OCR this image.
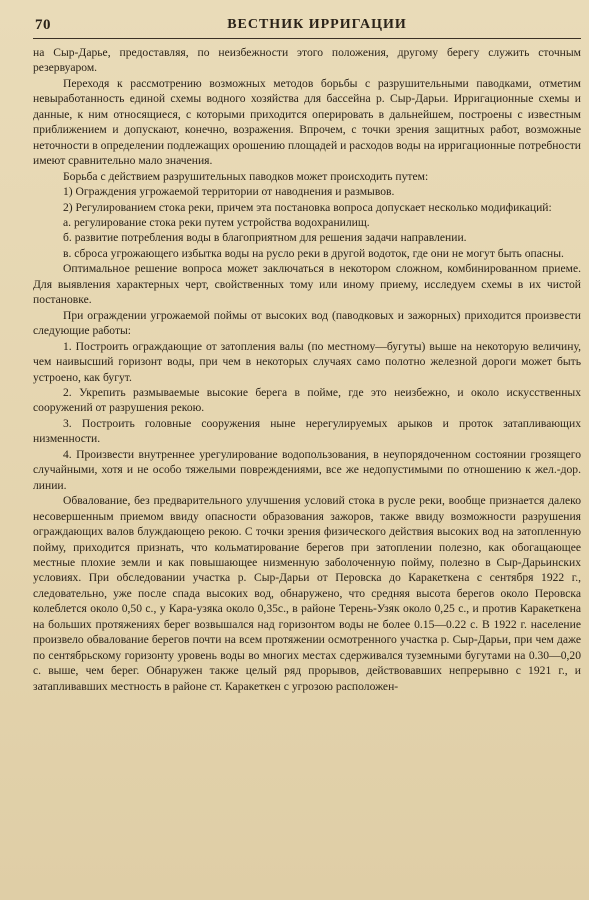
70	ВЕСТНИК ИРРИГАЦИИ

на Сыр-Дарье, предоставляя, по неизбежности этого положения, другому берегу служить сточным резервуаром.

Переходя к рассмотрению возможных методов борьбы с разрушительными паводками, отметим невыработанность единой схемы водного хозяйства для бассейна р. Сыр-Дарьи. Ирригационные схемы и данные, к ним относящиеся, с которыми приходится оперировать в дальнейшем, построены с известным приближением и допускают, конечно, возражения. Впрочем, с точки зрения защитных работ, возможные неточности в определении подлежащих орошению площадей и расходов воды на ирригационные потребности имеют сравнительно мало значения.

Борьба с действием разрушительных паводков может происходить путем:

1) Ограждения угрожаемой территории от наводнения и размывов.

2) Регулированием стока реки, причем эта постановка вопроса допускает несколько модификаций:

а. регулирование стока реки путем устройства водохранилищ.

б. развитие потребления воды в благоприятном для решения задачи направлении.

в. сброса угрожающего избытка воды на русло реки в другой водоток, где они не могут быть опасны.

Оптимальное решение вопроса может заключаться в некотором сложном, комбинированном приеме. Для выявления характерных черт, свойственных тому или иному приему, исследуем схемы в их чистой постановке.

При ограждении угрожаемой поймы от высоких вод (паводковых и зажорных) приходится произвести следующие работы:

1. Построить ограждающие от затопления валы (по местному—бугуты) выше на некоторую величину, чем наивысший горизонт воды, при чем в некоторых случаях само полотно железной дороги может быть устроено, как бугут.

2. Укрепить размываемые высокие берега в пойме, где это неизбежно, и около искусственных сооружений от разрушения рекою.

3. Построить головные сооружения ныне нерегулируемых арыков и проток затапливающих низменности.

4. Произвести внутреннее урегулирование водопользования, в неупорядоченном состоянии грозящего случайными, хотя и не особо тяжелыми повреждениями, все же недопустимыми по отношению к жел.-дор. линии.

Обвалование, без предварительного улучшения условий стока в русле реки, вообще признается далеко несовершенным приемом ввиду опасности образования зажоров, также ввиду возможности разрушения ограждающих валов блуждающею рекою. С точки зрения физического действия высоких вод на затопленную пойму, приходится признать, что кольматирование берегов при затоплении полезно, как обогащающее местные плохие земли и как повышающее низменную заболоченную пойму, полезно в Сыр-Дарьинских условиях. При обследовании участка р. Сыр-Дарьи от Перовска до Каракеткена с сентября 1922 г., следовательно, уже после спада высоких вод, обнаружено, что средняя высота берегов около Перовска колеблется около 0,50 с., у Кара-узяка около 0,35с., в районе Терень-Узяк около 0,25 с., и против Каракеткена на больших протяжениях берег возвышался над горизонтом воды не более 0.15—0.22 с. В 1922 г. население произвело обвалование берегов почти на всем протяжении осмотренного участка р. Сыр-Дарьи, при чем даже по сентябрьскому горизонту уровень воды во многих местах сдерживался туземными бугутами на 0.30—0,20 с. выше, чем берег. Обнаружен также целый ряд прорывов, действовавших непрерывно с 1921 г., и затапливавших местность в районе ст. Каракеткен с угрозою расположен-
